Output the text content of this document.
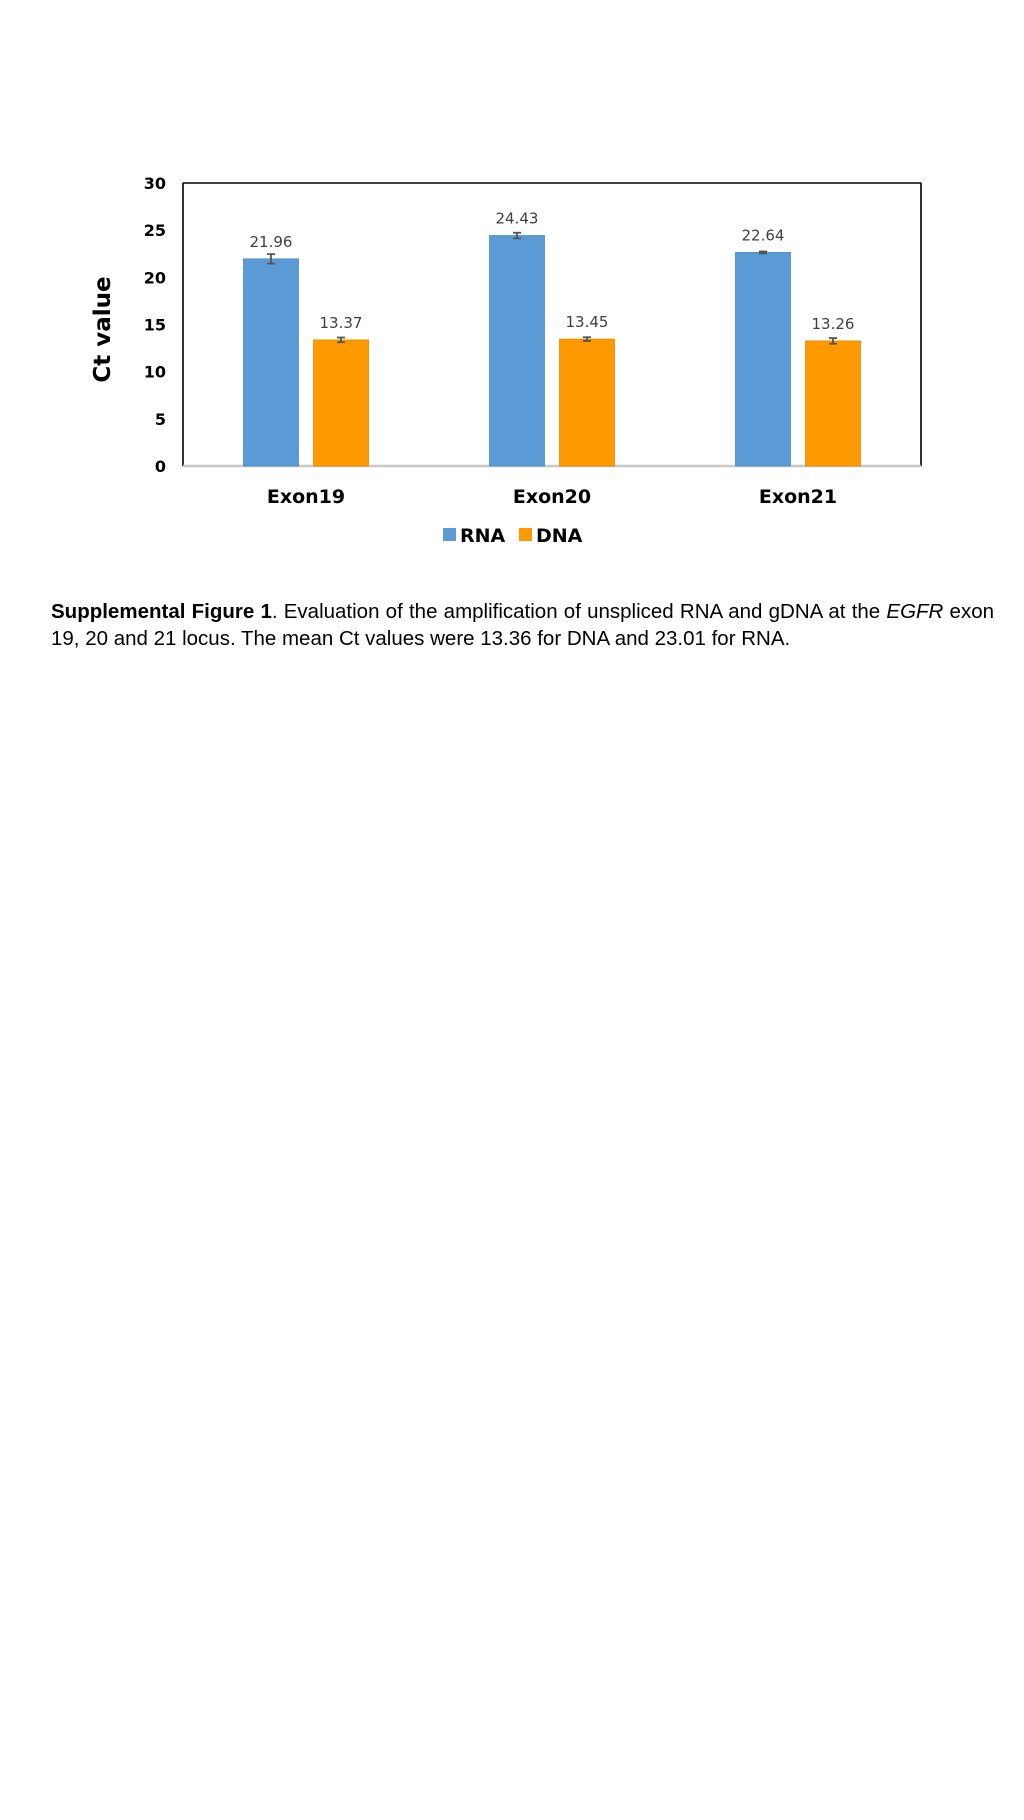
21.96
13.37
24.43
13.45
22.64
13.26
0
5
10
15
20
25
30
Exon19	Exon20	Exon21
Ct value
RNA DNA
Supplemental Figure 1. Evaluation of the amplification of unspliced RNA and gDNA at the EGFR exon 19, 20 and 21 locus. The mean Ct values were 13.36 for DNA and 23.01 for RNA.
